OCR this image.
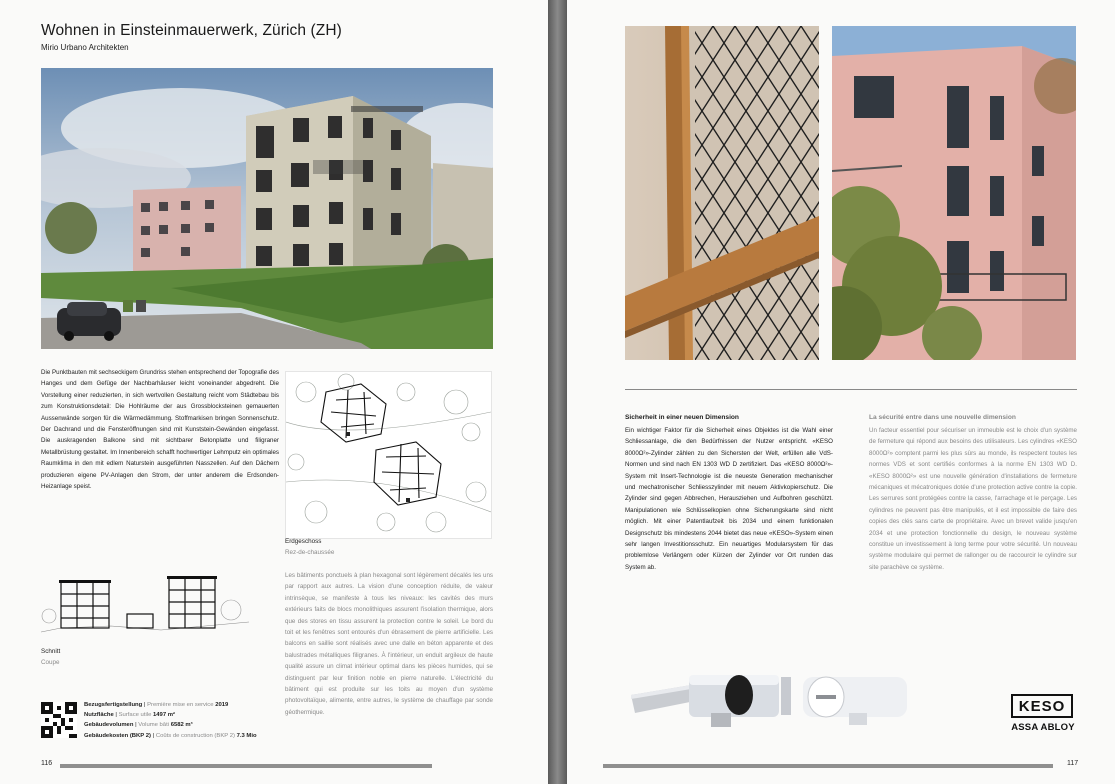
Wohnen in Einsteinmauerwerk, Zürich (ZH)
Mirio Urbano Architekten
Die Punktbauten mit sechseckigem Grundriss stehen entsprechend der Topografie des Hanges und dem Gefüge der Nachbarhäuser leicht voneinander abgedreht. Die Vorstellung einer reduzierten, in sich wertvollen Gestaltung reicht vom Städtebau bis zum Konstruktionsdetail: Die Hohlräume der aus Grossblocksteinen gemauerten Aussenwände sorgen für die Wärmedämmung. Stoffmarkisen bringen Sonnenschutz. Der Dachrand und die Fensteröffnungen sind mit Kunststein-Gewänden eingefasst. Die auskragenden Balkone sind mit sichtbarer Betonplatte und filigraner Metallbrüstung gestaltet. Im Innenbereich schafft hochwertiger Lehmputz ein optimales Raumklima in den mit edlem Naturstein ausgeführten Nasszellen. Auf den Dächern produzieren eigene PV-Anlagen den Strom, der unter anderem die Erdsonden-Heizanlage speist.
Erdgeschoss
Rez-de-chaussée
Schnitt
Coupe
Les bâtiments ponctuels à plan hexagonal sont légèrement décalés les uns par rapport aux autres. La vision d'une conception réduite, de valeur intrinsèque, se manifeste à tous les niveaux: les cavités des murs extérieurs faits de blocs monolithiques assurent l'isolation thermique, alors que des stores en tissu assurent la protection contre le soleil. Le bord du toit et les fenêtres sont entourés d'un ébrasement de pierre artificielle. Les balcons en saillie sont réalisés avec une dalle en béton apparente et des balustrades métalliques filigranes. À l'intérieur, un enduit argileux de haute qualité assure un climat intérieur optimal dans les pièces humides, qui se distinguent par leur finition noble en pierre naturelle. L'électricité du bâtiment qui est produite sur les toits au moyen d'un système photovoltaïque, alimente, entre autres, le système de chauffage par sonde géothermique.
Bezugsfertigstellung | Première mise en service 2019
Nutzfläche | Surface utile 1497 m²
Gebäudevolumen | Volume bâti 6582 m³
Gebäudekosten (BKP 2) | Coûts de construction (BKP 2) 7.3 Mio
116
Sicherheit in einer neuen Dimension	La sécurité entre dans une nouvelle dimension
Ein wichtiger Faktor für die Sicherheit eines Objektes ist die Wahl einer Schliessanlage, die den Bedürfnissen der Nutzer entspricht. «KESO 8000Ω²»-Zylinder zählen zu den Sichersten der Welt, erfüllen alle VdS-Normen und sind nach EN 1303 WD D zertifiziert. Das «KESO 8000Ω²»-System mit Insert-Technologie ist die neueste Generation mechanischer und mechatronischer Schliesszylinder mit neuem Aktivkopierschutz. Die Zylinder sind gegen Abbrechen, Herausziehen und Aufbohren geschützt. Manipulationen wie Schlüsselkopien ohne Sicherungskarte sind nicht möglich. Mit einer Patentlaufzeit bis 2034 und einem funktionalen Designschutz bis mindestens 2044 bietet das neue «KESO»-System einen sehr langen Investitionsschutz. Ein neuartiges Modularsystem für das problemlose Verlängern oder Kürzen der Zylinder vor Ort runden das System ab.
Un facteur essentiel pour sécuriser un immeuble est le choix d'un système de fermeture qui répond aux besoins des utilisateurs. Les cylindres «KESO 8000Ω²» comptent parmi les plus sûrs au monde, ils respectent toutes les normes VDS et sont certifiés conformes à la norme EN 1303 WD D. «KESO 8000Ω²» est une nouvelle génération d'installations de fermeture mécaniques et mécatroniques dotée d'une protection active contre la copie. Les serrures sont protégées contre la casse, l'arrachage et le perçage. Les cylindres ne peuvent pas être manipulés, et il est impossible de faire des copies des clés sans carte de propriétaire. Avec un brevet valide jusqu'en 2034 et une protection fonctionnelle du design, le nouveau système constitue un investissement à long terme pour votre sécurité. Un nouveau système modulaire qui permet de rallonger ou de raccourcir le cylindre sur site parachève ce système.
KESO
ASSA ABLOY
117
